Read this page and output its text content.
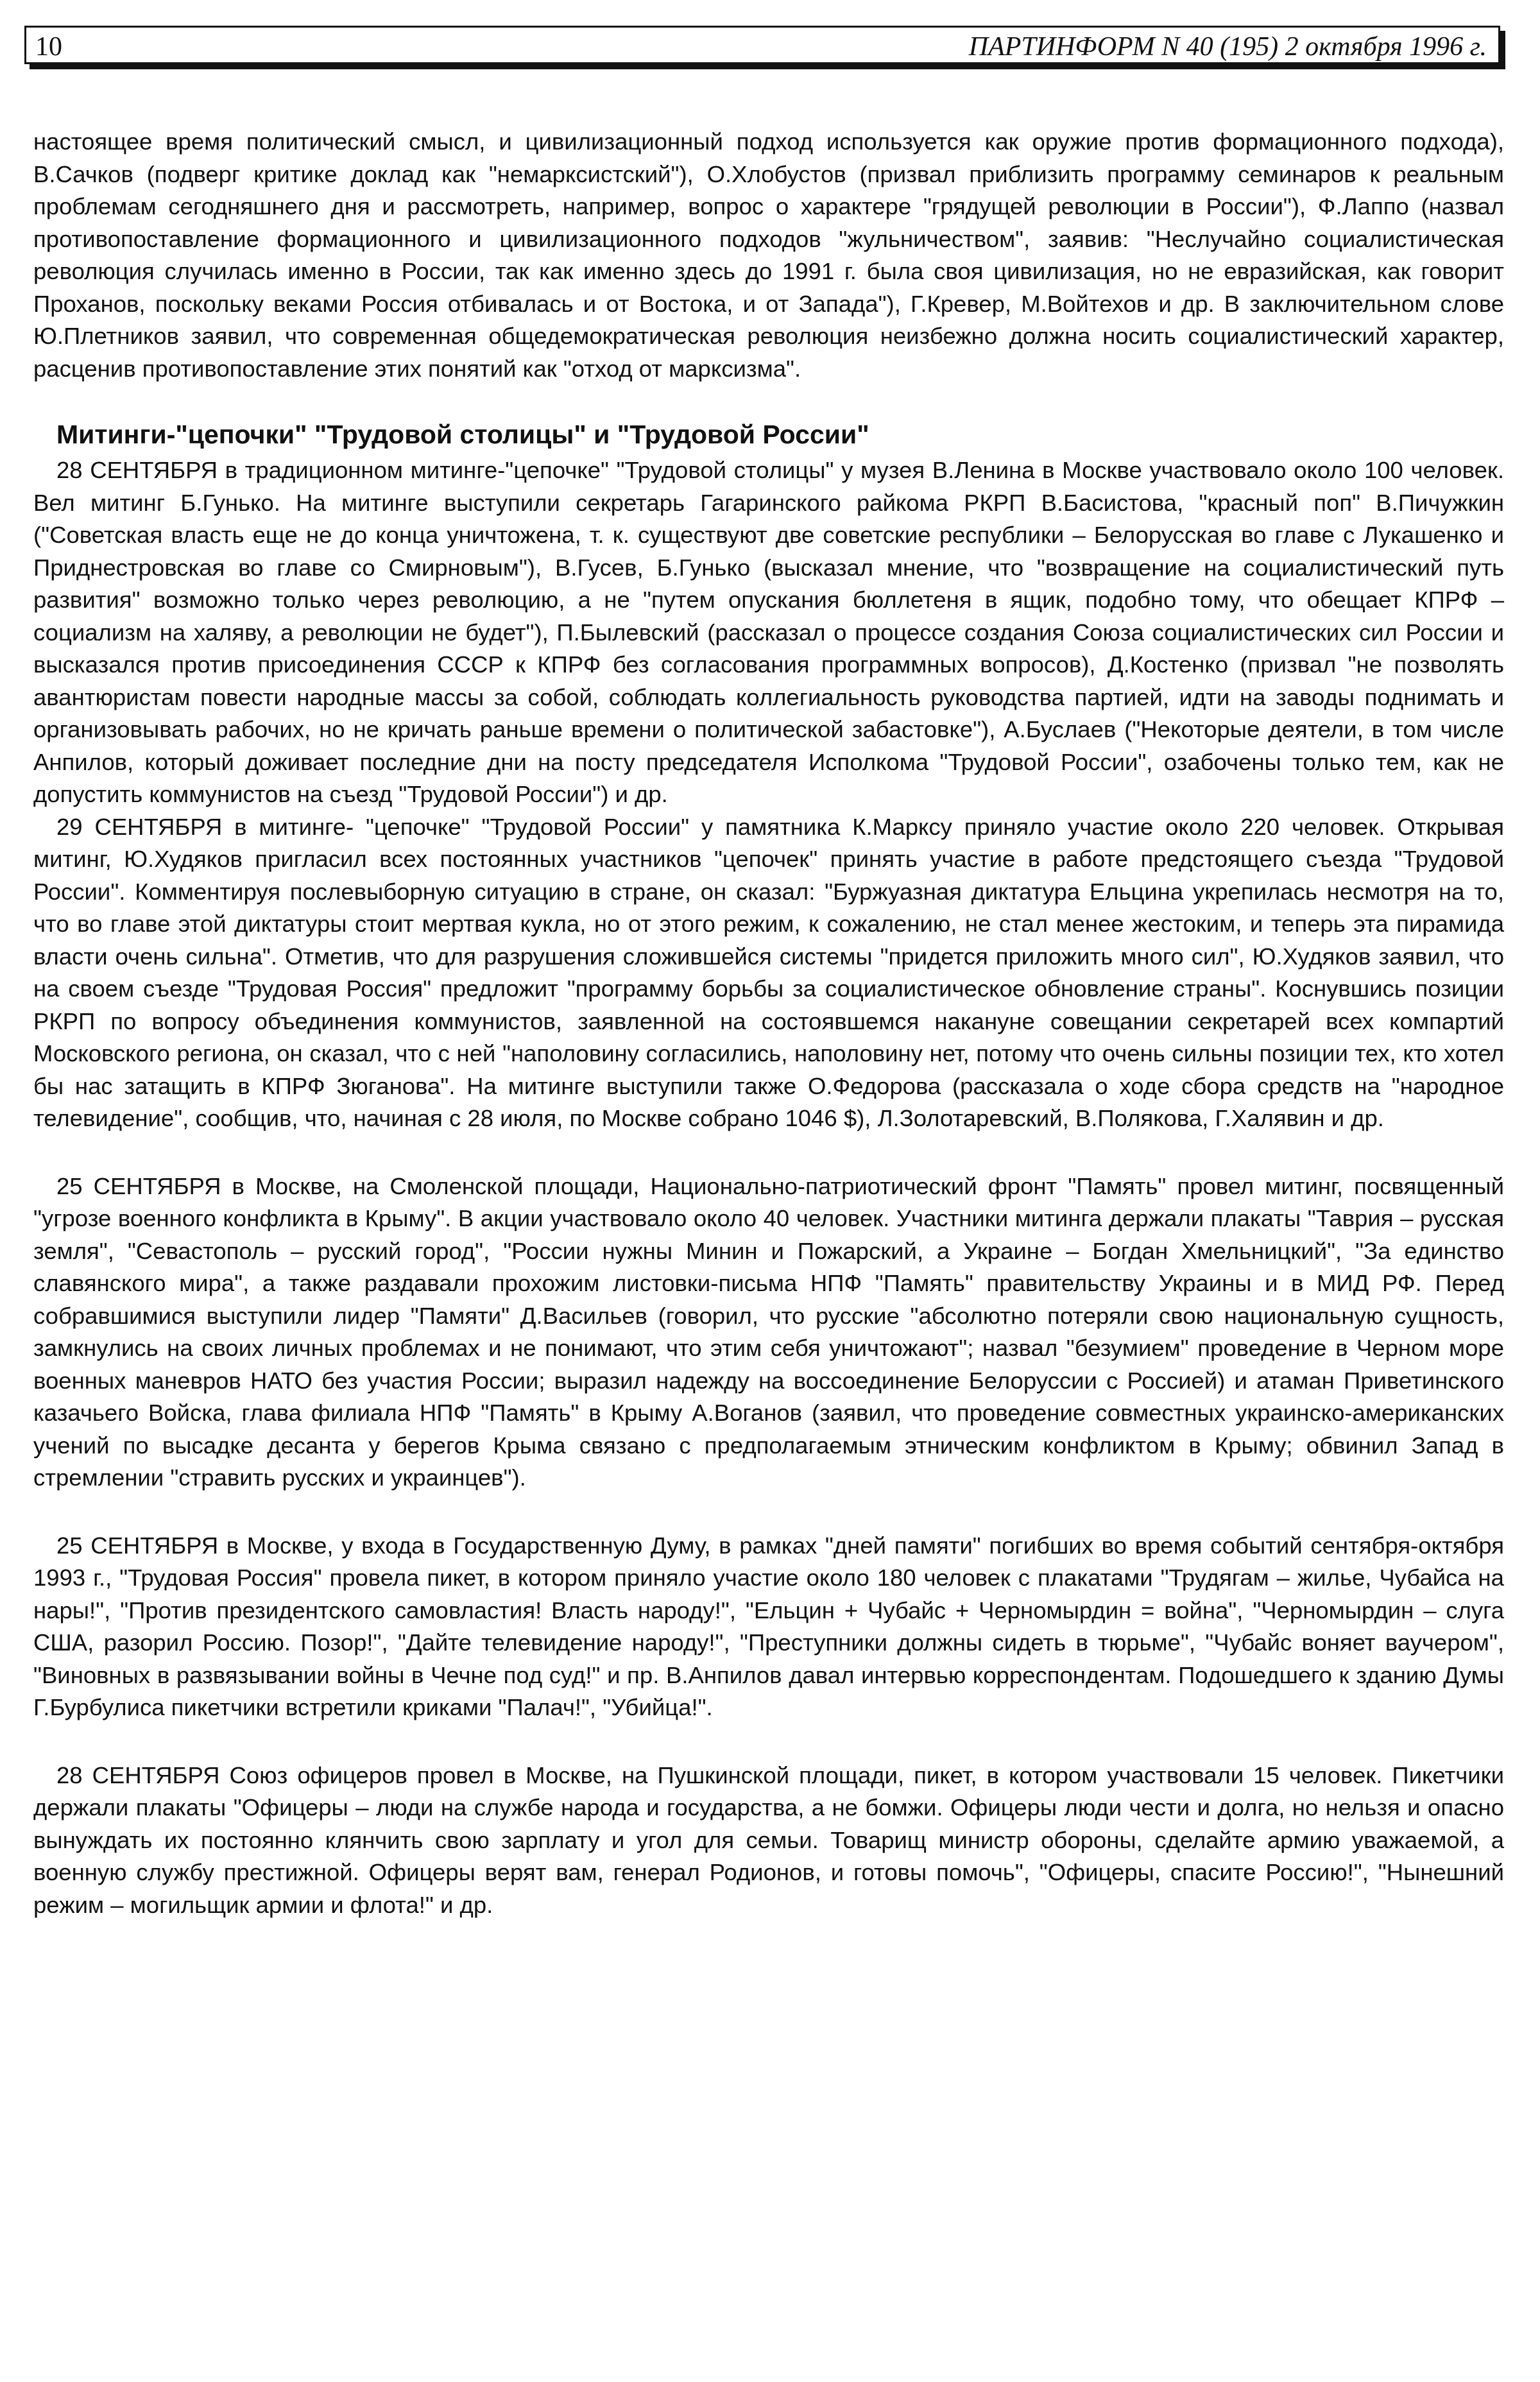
10	ПАРТИНФОРМ N 40 (195) 2 октября 1996 г.

настоящее время политический смысл, и цивилизационный подход используется как оружие против формационного подхода), В.Сачков (подверг критике доклад как "немарксистский"), О.Хлобустов (призвал приблизить программу семинаров к реальным проблемам сегодняшнего дня и рассмотреть, например, вопрос о характере "грядущей революции в России"), Ф.Лаппо (назвал противопоставление формационного и цивилизационного подходов "жульничеством", заявив: "Неслучайно социалистическая революция случилась именно в России, так как именно здесь до 1991 г. была своя цивилизация, но не евразийская, как говорит Проханов, поскольку веками Россия отбивалась и от Востока, и от Запада"), Г.Кревер, М.Войтехов и др. В заключительном слове Ю.Плетников заявил, что современная общедемократическая революция неизбежно должна носить социалистический характер, расценив противопоставление этих понятий как "отход от марксизма".

Митинги-"цепочки" "Трудовой столицы" и "Трудовой России"

28 СЕНТЯБРЯ в традиционном митинге-"цепочке" "Трудовой столицы" у музея В.Ленина в Москве участвовало около 100 человек. Вел митинг Б.Гунько. На митинге выступили секретарь Гагаринского райкома РКРП В.Басистова, "красный поп" В.Пичужкин ("Советская власть еще не до конца уничтожена, т. к. существуют две советские республики – Белорусская во главе с Лукашенко и Приднестровская во главе со Смирновым"), В.Гусев, Б.Гунько (высказал мнение, что "возвращение на социалистический путь развития" возможно только через революцию, а не "путем опускания бюллетеня в ящик, подобно тому, что обещает КПРФ – социализм на халяву, а революции не будет"), П.Былевский (рассказал о процессе создания Союза социалистических сил России и высказался против присоединения СССР к КПРФ без согласования программных вопросов), Д.Костенко (призвал "не позволять авантюристам повести народные массы за собой, соблюдать коллегиальность руководства партией, идти на заводы поднимать и организовывать рабочих, но не кричать раньше времени о политической забастовке"), А.Буслаев ("Некоторые деятели, в том числе Анпилов, который доживает последние дни на посту председателя Исполкома "Трудовой России", озабочены только тем, как не допустить коммунистов на съезд "Трудовой России") и др.

29 СЕНТЯБРЯ в митинге- "цепочке" "Трудовой России" у памятника К.Марксу приняло участие около 220 человек. Открывая митинг, Ю.Худяков пригласил всех постоянных участников "цепочек" принять участие в работе предстоящего съезда "Трудовой России". Комментируя послевыборную ситуацию в стране, он сказал: "Буржуазная диктатура Ельцина укрепилась несмотря на то, что во главе этой диктатуры стоит мертвая кукла, но от этого режим, к сожалению, не стал менее жестоким, и теперь эта пирамида власти очень сильна". Отметив, что для разрушения сложившейся системы "придется приложить много сил", Ю.Худяков заявил, что на своем съезде "Трудовая Россия" предложит "программу борьбы за социалистическое обновление страны". Коснувшись позиции РКРП по вопросу объединения коммунистов, заявленной на состоявшемся накануне совещании секретарей всех компартий Московского региона, он сказал, что с ней "наполовину согласились, наполовину нет, потому что очень сильны позиции тех, кто хотел бы нас затащить в КПРФ Зюганова". На митинге выступили также О.Федорова (рассказала о ходе сбора средств на "народное телевидение", сообщив, что, начиная с 28 июля, по Москве собрано 1046 $), Л.Золотаревский, В.Полякова, Г.Халявин и др.

25 СЕНТЯБРЯ в Москве, на Смоленской площади, Национально-патриотический фронт "Память" провел митинг, посвященный "угрозе военного конфликта в Крыму". В акции участвовало около 40 человек. Участники митинга держали плакаты "Таврия – русская земля", "Севастополь – русский город", "России нужны Минин и Пожарский, а Украине – Богдан Хмельницкий", "За единство славянского мира", а также раздавали прохожим листовки-письма НПФ "Память" правительству Украины и в МИД РФ. Перед собравшимися выступили лидер "Памяти" Д.Васильев (говорил, что русские "абсолютно потеряли свою национальную сущность, замкнулись на своих личных проблемах и не понимают, что этим себя уничтожают"; назвал "безумием" проведение в Черном море военных маневров НАТО без участия России; выразил надежду на воссоединение Белоруссии с Россией) и атаман Приветинского казачьего Войска, глава филиала НПФ "Память" в Крыму А.Воганов (заявил, что проведение совместных украинско-американских учений по высадке десанта у берегов Крыма связано с предполагаемым этническим конфликтом в Крыму; обвинил Запад в стремлении "стравить русских и украинцев").

25 СЕНТЯБРЯ в Москве, у входа в Государственную Думу, в рамках "дней памяти" погибших во время событий сентября-октября 1993 г., "Трудовая Россия" провела пикет, в котором приняло участие около 180 человек с плакатами "Трудягам – жилье, Чубайса на нары!", "Против президентского самовластия! Власть народу!", "Ельцин + Чубайс + Черномырдин = война", "Черномырдин – слуга США, разорил Россию. Позор!", "Дайте телевидение народу!", "Преступники должны сидеть в тюрьме", "Чубайс воняет ваучером", "Виновных в развязывании войны в Чечне под суд!" и пр. В.Анпилов давал интервью корреспондентам. Подошедшего к зданию Думы Г.Бурбулиса пикетчики встретили криками "Палач!", "Убийца!".

28 СЕНТЯБРЯ Союз офицеров провел в Москве, на Пушкинской площади, пикет, в котором участвовали 15 человек. Пикетчики держали плакаты "Офицеры – люди на службе народа и государства, а не бомжи. Офицеры люди чести и долга, но нельзя и опасно вынуждать их постоянно клянчить свою зарплату и угол для семьи. Товарищ министр обороны, сделайте армию уважаемой, а военную службу престижной. Офицеры верят вам, генерал Родионов, и готовы помочь", "Офицеры, спасите Россию!", "Нынешний режим – могильщик армии и флота!" и др.
